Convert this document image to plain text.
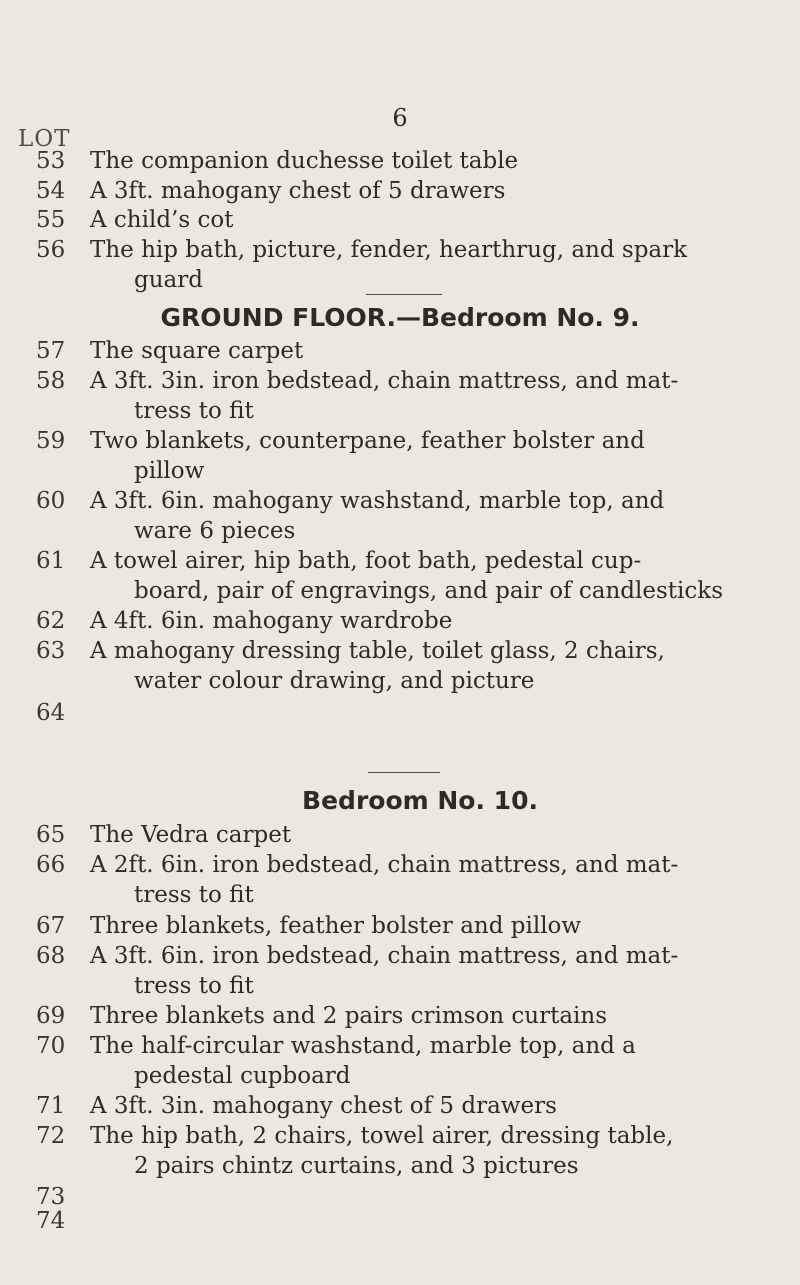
6
LOT
53 The companion duchesse toilet table
54 A 3ft. mahogany chest of 5 drawers
55 A child’s cot
56 The hip bath, picture, fender, hearthrug, and spark
guard
GROUND FLOOR.—Bedroom No. 9.
57 The square carpet
58 A 3ft. 3in. iron bedstead, chain mattress, and mat-
tress to fit
59 Two blankets, counterpane, feather bolster and
pillow
60 A 3ft. 6in. mahogany washstand, marble top, and
ware 6 pieces
61 A towel airer, hip bath, foot bath, pedestal cup-
board, pair of engravings, and pair of candlesticks
62 A 4ft. 6in. mahogany wardrobe
63 A mahogany dressing table, toilet glass, 2 chairs,
water colour drawing, and picture
64
Bedroom No. 10.
65 The Vedra carpet
66 A 2ft. 6in. iron bedstead, chain mattress, and mat-
tress to fit
67 Three blankets, feather bolster and pillow
68 A 3ft. 6in. iron bedstead, chain mattress, and mat-
tress to fit
69 Three blankets and 2 pairs crimson curtains
70 The half-circular washstand, marble top, and a
pedestal cupboard
71 A 3ft. 3in. mahogany chest of 5 drawers
72 The hip bath, 2 chairs, towel airer, dressing table,
2 pairs chintz curtains, and 3 pictures
73
74
